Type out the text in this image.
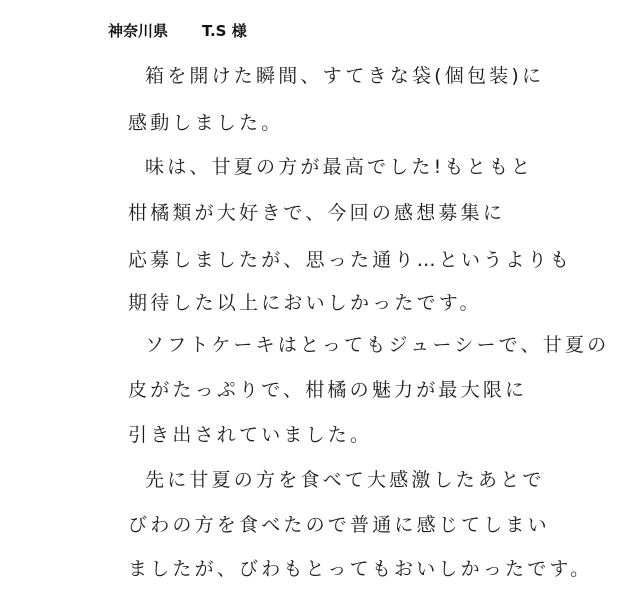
神奈川県 T.S 様
箱を開けた瞬間、すてきな袋(個包装)に
感動しました。
味は、甘夏の方が最高でした!もともと
柑橘類が大好きで、今回の感想募集に
応募しましたが、思った通り…というよりも
期待した以上においしかったです。
ソフトケーキはとってもジューシーで、甘夏の
皮がたっぷりで、柑橘の魅力が最大限に
引き出されていました。
先に甘夏の方を食べて大感激したあとで
びわの方を食べたので普通に感じてしまい
ましたが、びわもとってもおいしかったです。
